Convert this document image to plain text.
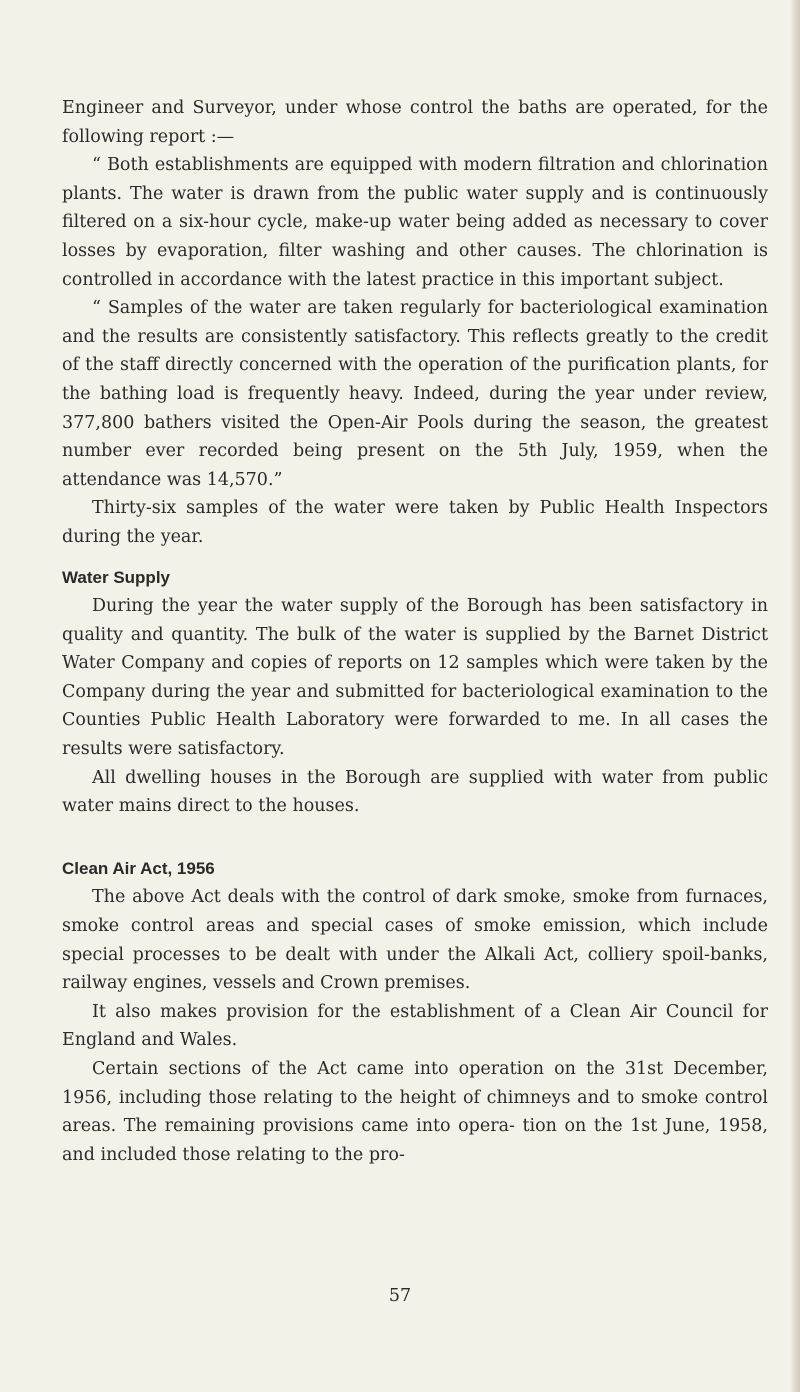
Engineer and Surveyor, under whose control the baths are operated, for the following report :—

“ Both establishments are equipped with modern filtration and chlorination plants. The water is drawn from the public water supply and is continuously filtered on a six-hour cycle, make-up water being added as necessary to cover losses by evaporation, filter washing and other causes. The chlorination is controlled in accordance with the latest practice in this important subject.

“ Samples of the water are taken regularly for bacteriological examination and the results are consistently satisfactory. This reflects greatly to the credit of the staff directly concerned with the operation of the purification plants, for the bathing load is frequently heavy. Indeed, during the year under review, 377,800 bathers visited the Open-Air Pools during the season, the greatest number ever recorded being present on the 5th July, 1959, when the attendance was 14,570.”

Thirty-six samples of the water were taken by Public Health Inspectors during the year.

Water Supply

During the year the water supply of the Borough has been satisfactory in quality and quantity. The bulk of the water is supplied by the Barnet District Water Company and copies of reports on 12 samples which were taken by the Company during the year and submitted for bacteriological examination to the Counties Public Health Laboratory were forwarded to me. In all cases the results were satisfactory.

All dwelling houses in the Borough are supplied with water from public water mains direct to the houses.

Clean Air Act, 1956

The above Act deals with the control of dark smoke, smoke from furnaces, smoke control areas and special cases of smoke emission, which include special processes to be dealt with under the Alkali Act, colliery spoil-banks, railway engines, vessels and Crown premises.

It also makes provision for the establishment of a Clean Air Council for England and Wales.

Certain sections of the Act came into operation on the 31st December, 1956, including those relating to the height of chimneys and to smoke control areas. The remaining provisions came into opera- tion on the 1st June, 1958, and included those relating to the pro-

57
